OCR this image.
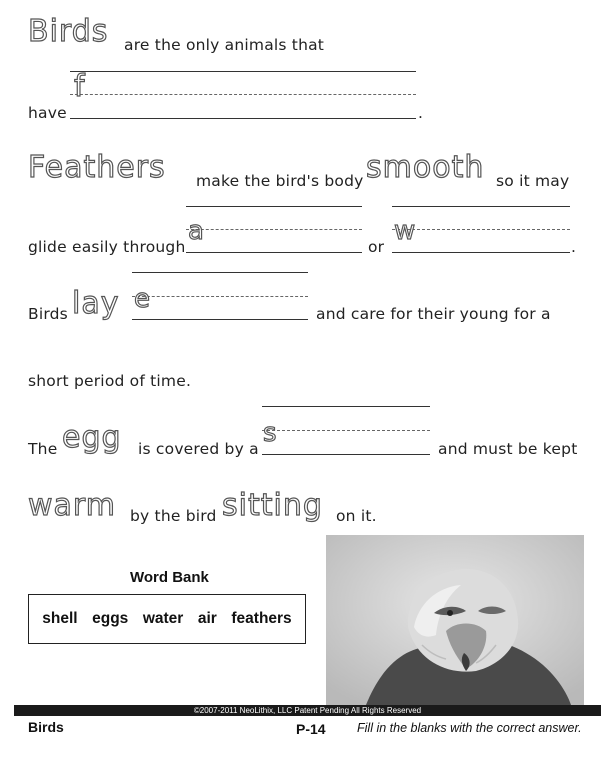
Birds are the only animals that
have
f
.
Feathers make the bird's body smooth so it may
glide easily through
a
or
w
.
Birds lay e	and care for their young for a
short period of time.
The egg is covered by a
s
and must be kept
warm by the bird sitting on it.
Word Bank
shell eggs water air feathers
©2007-2011 NeoLithix, LLC Patent Pending All Rights Reserved
Birds	P-14	Fill in the blanks with the correct answer.
